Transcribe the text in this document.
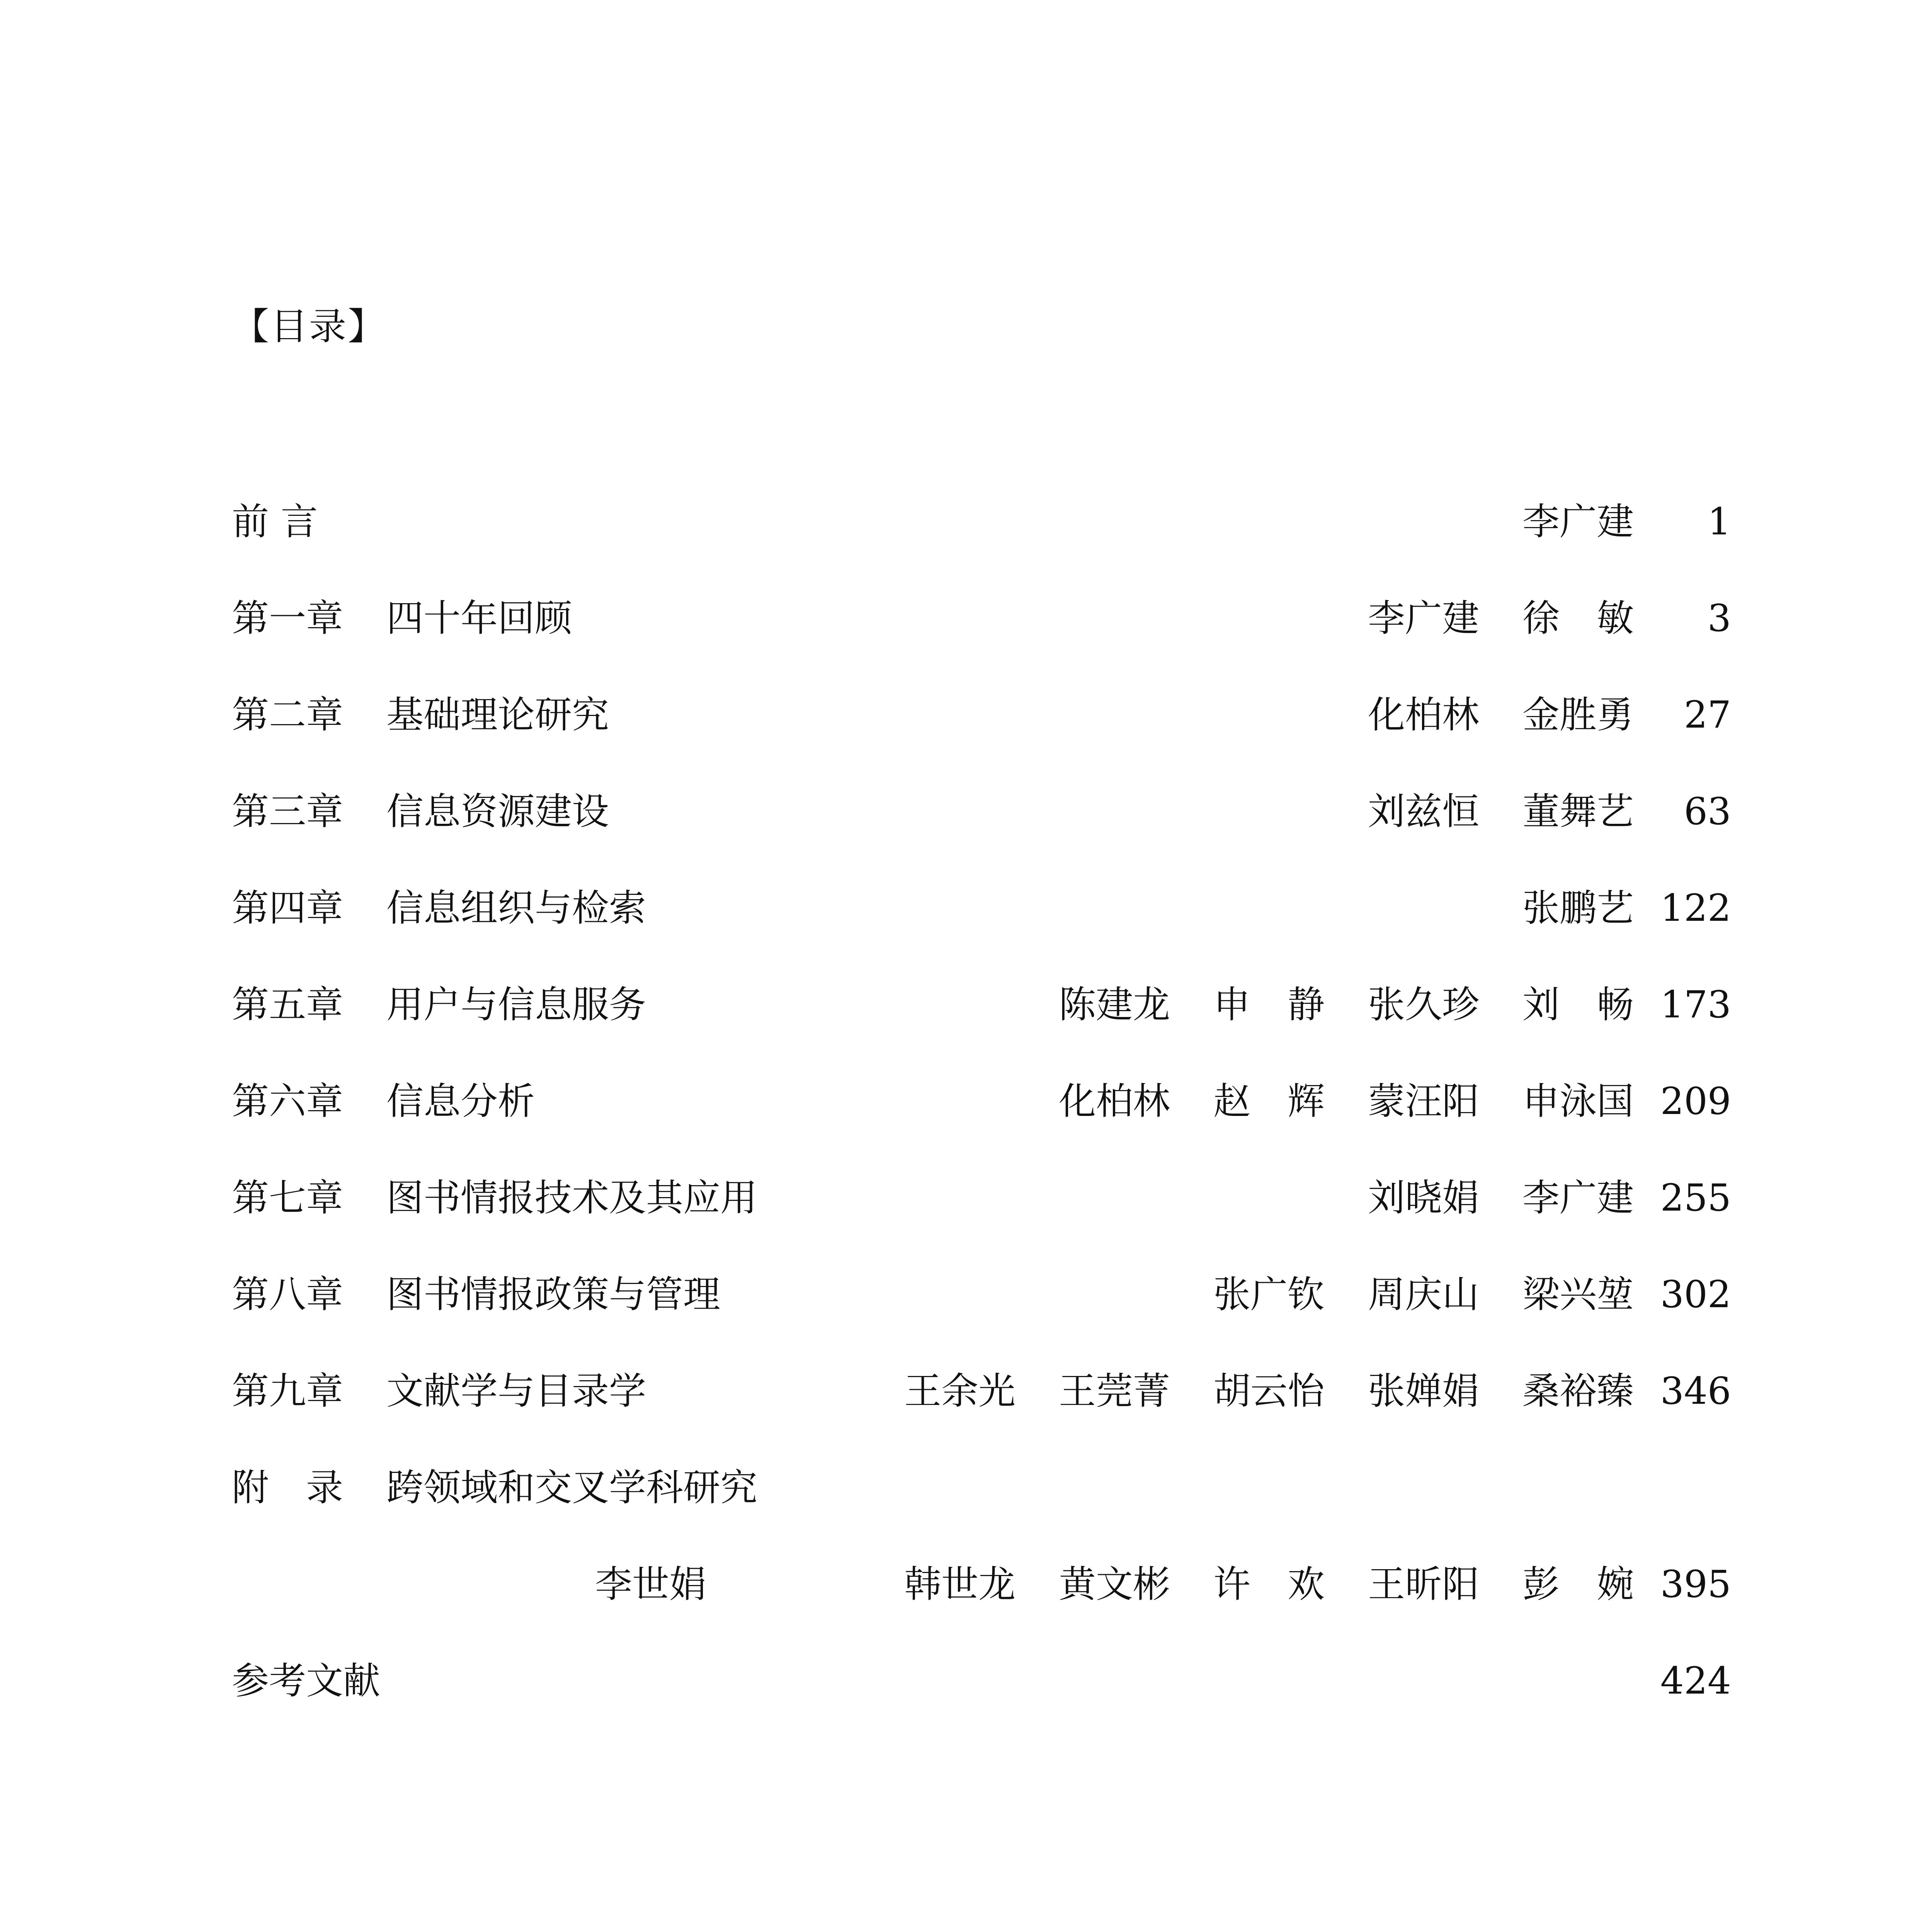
【目录】
前 言	李广建	1
第一章 四十年回顾	李广建 徐　敏	3
第二章 基础理论研究	化柏林 金胜勇	27
第三章 信息资源建设	刘兹恒 董舞艺	63
第四章 信息组织与检索	张鹏艺 122
第五章 用户与信息服务	陈建龙 申　静 张久珍 刘　畅 173
第六章 信息分析	化柏林 赵　辉 蒙汪阳 申泳国 209
第七章 图书情报技术及其应用	刘晓娟 李广建 255
第八章 图书情报政策与管理	张广钦 周庆山 梁兴堃 302
第九章 文献学与目录学	王余光 王莞菁 胡云怡 张婵娟 桑裕臻 346
附　录 跨领域和交叉学科研究
李世娟	韩世龙 黄文彬 许　欢 王昕阳 彭　婉 395
参考文献	424
